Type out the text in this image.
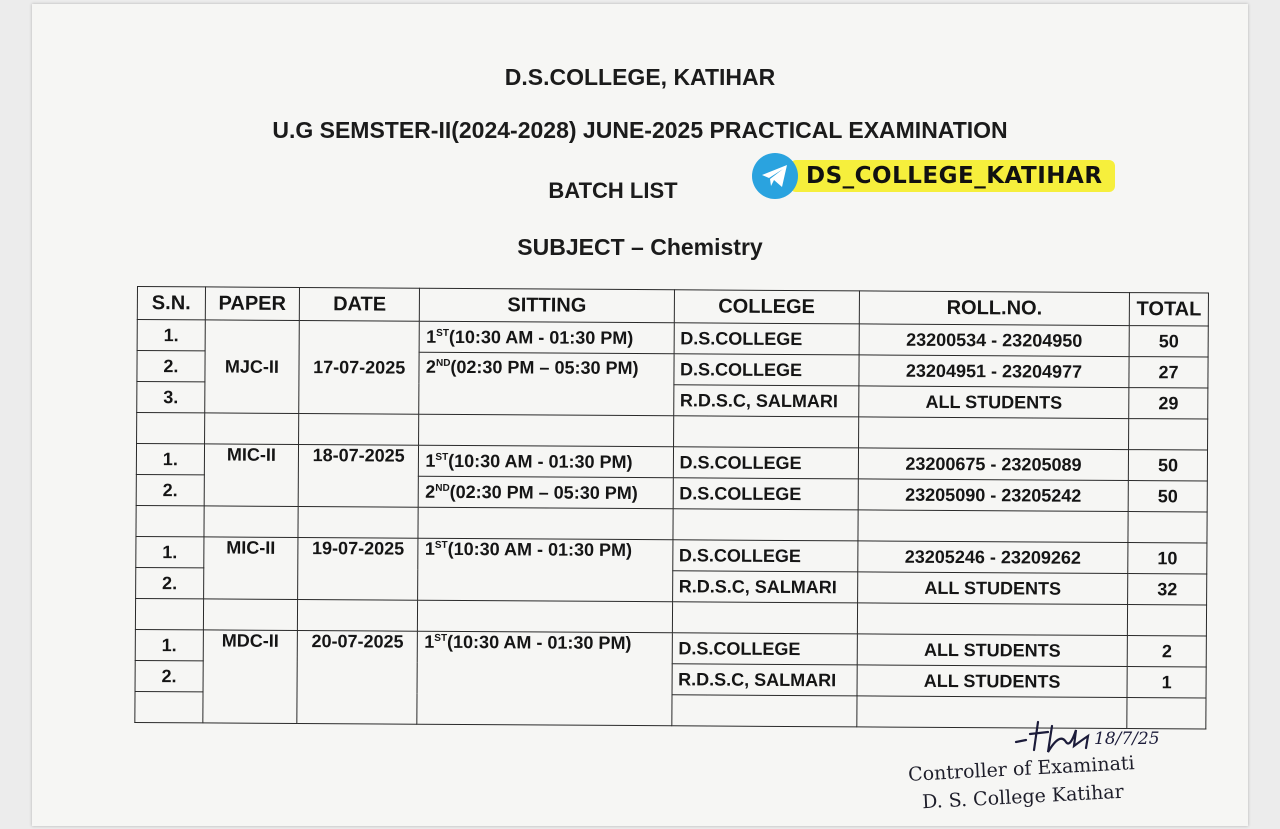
D.S.COLLEGE, KATIHAR
U.G SEMSTER-II(2024-2028) JUNE-2025 PRACTICAL EXAMINATION
BATCH LIST
SUBJECT – Chemistry
DS_COLLEGE_KATIHAR
S.N.	PAPER	DATE	SITTING	COLLEGE	ROLL.NO.	TOTAL
1.	MJC-II	17-07-2025	1ST(10:30 AM - 01:30 PM)	D.S.COLLEGE	23200534 - 23204950	50
2.			2ND(02:30 PM – 05:30 PM)	D.S.COLLEGE	23204951 - 23204977	27
3.				R.D.S.C, SALMARI	ALL STUDENTS	29

1.	MIC-II	18-07-2025	1ST(10:30 AM - 01:30 PM)	D.S.COLLEGE	23200675 - 23205089	50
2.			2ND(02:30 PM – 05:30 PM)	D.S.COLLEGE	23205090 - 23205242	50

1.	MIC-II	19-07-2025	1ST(10:30 AM - 01:30 PM)	D.S.COLLEGE	23205246 - 23209262	10
2.				R.D.S.C, SALMARI	ALL STUDENTS	32

1.	MDC-II	20-07-2025	1ST(10:30 AM - 01:30 PM)	D.S.COLLEGE	ALL STUDENTS	2
2.				R.D.S.C, SALMARI	ALL STUDENTS	1

18/7/25
Controller of Examinati
D. S. College Katihar
